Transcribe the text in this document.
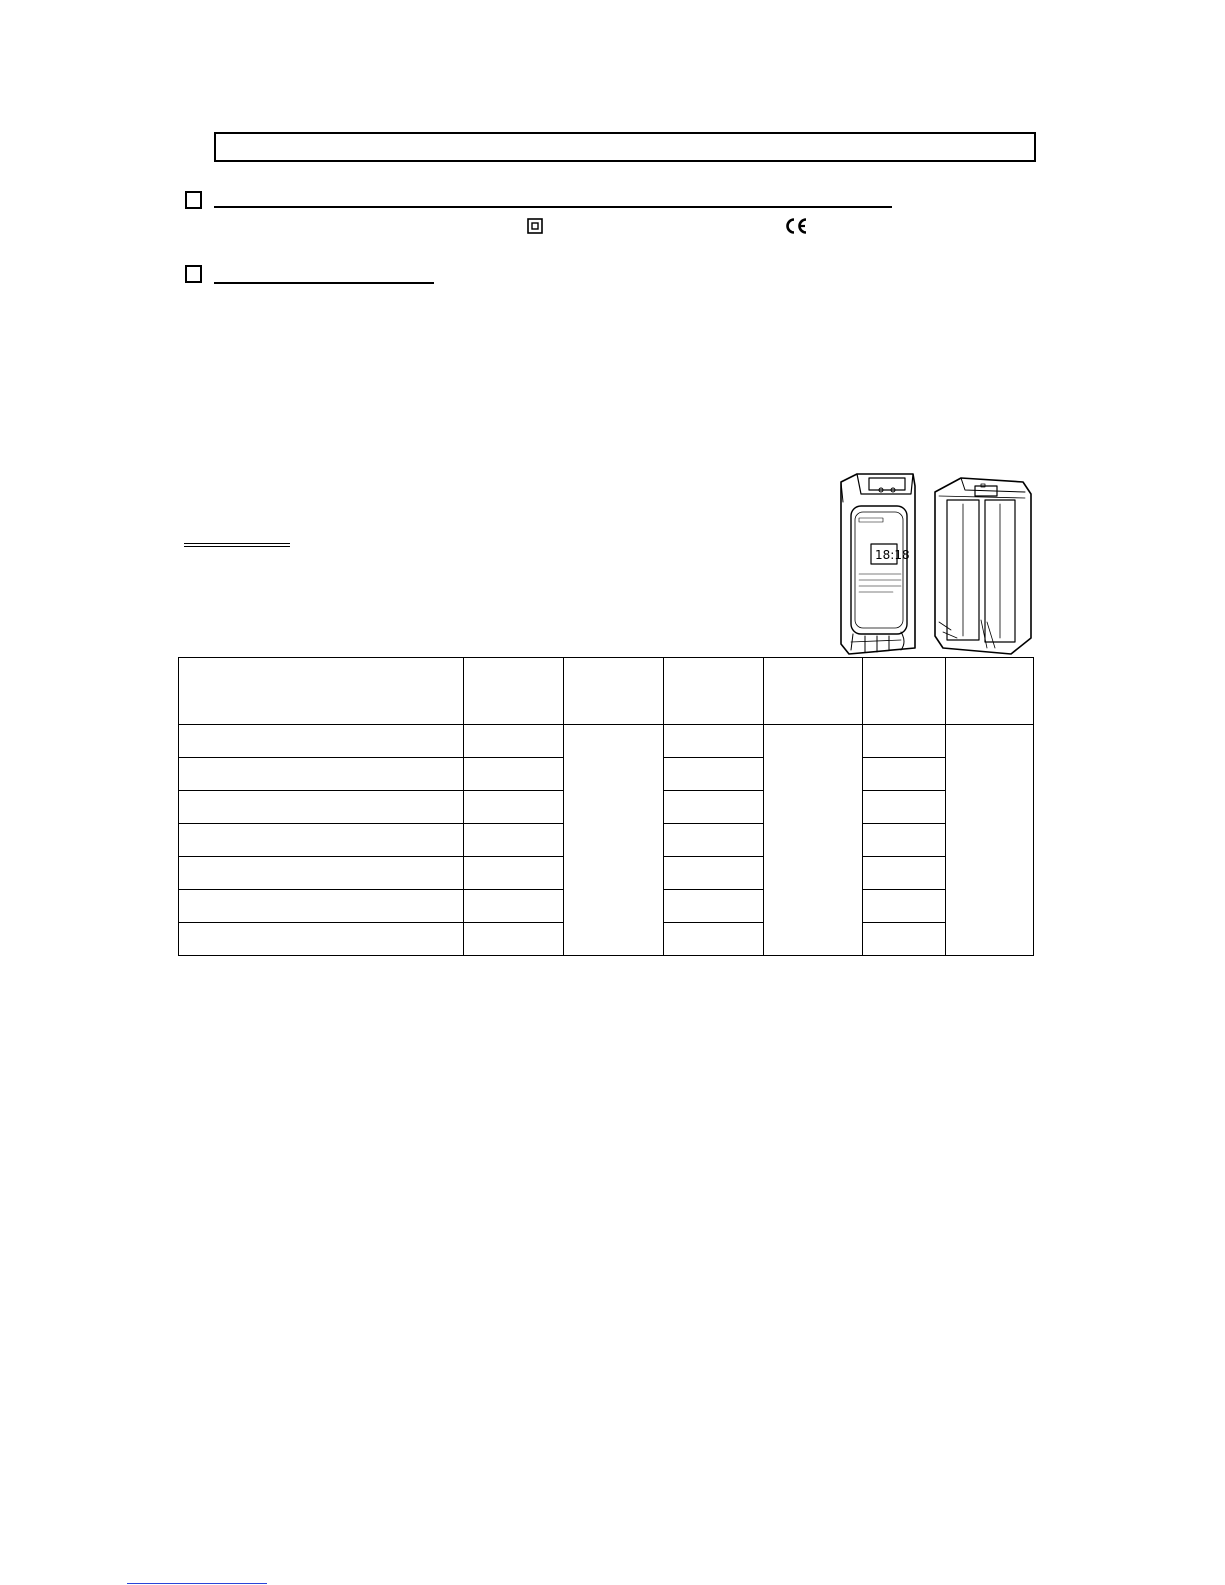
18:18
